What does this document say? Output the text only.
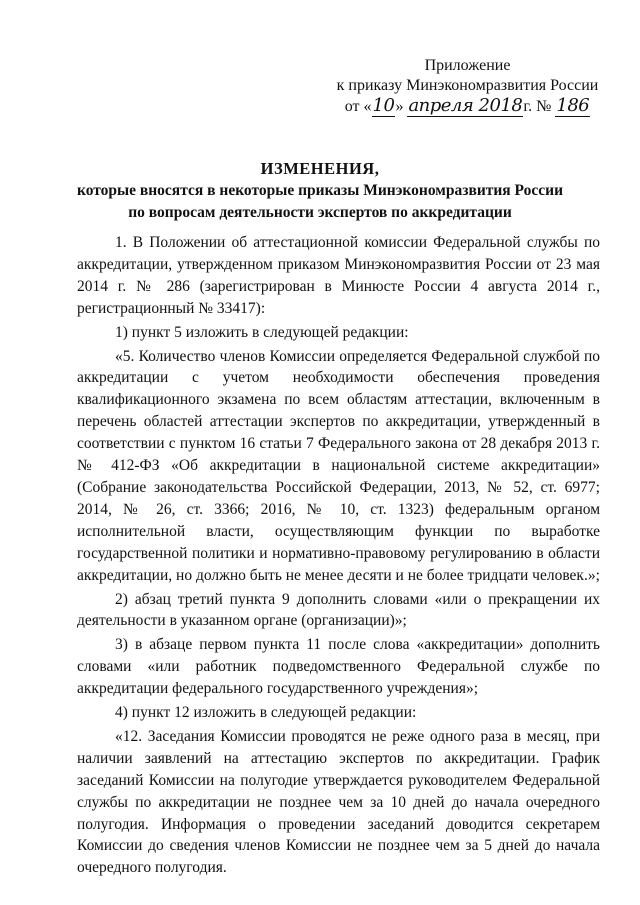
Приложение
к приказу Минэкономразвития России
от «10» апреля 2018г. № 186
ИЗМЕНЕНИЯ,
которые вносятся в некоторые приказы Минэкономразвития России
по вопросам деятельности экспертов по аккредитации

1. В Положении об аттестационной комиссии Федеральной службы по аккредитации, утвержденном приказом Минэкономразвития России от 23 мая 2014 г. № 286 (зарегистрирован в Минюсте России 4 августа 2014 г., регистрационный № 33417):

1) пункт 5 изложить в следующей редакции:

«5. Количество членов Комиссии определяется Федеральной службой по аккредитации с учетом необходимости обеспечения проведения квалификационного экзамена по всем областям аттестации, включенным в перечень областей аттестации экспертов по аккредитации, утвержденный в соответствии с пунктом 16 статьи 7 Федерального закона от 28 декабря 2013 г. № 412-ФЗ «Об аккредитации в национальной системе аккредитации» (Собрание законодательства Российской Федерации, 2013, № 52, ст. 6977; 2014, № 26, ст. 3366; 2016, № 10, ст. 1323) федеральным органом исполнительной власти, осуществляющим функции по выработке государственной политики и нормативно-правовому регулированию в области аккредитации, но должно быть не менее десяти и не более тридцати человек.»;

2) абзац третий пункта 9 дополнить словами «или о прекращении их деятельности в указанном органе (организации)»;

3) в абзаце первом пункта 11 после слова «аккредитации» дополнить словами «или работник подведомственного Федеральной службе по аккредитации федерального государственного учреждения»;

4) пункт 12 изложить в следующей редакции:

«12. Заседания Комиссии проводятся не реже одного раза в месяц, при наличии заявлений на аттестацию экспертов по аккредитации. График заседаний Комиссии на полугодие утверждается руководителем Федеральной службы по аккредитации не позднее чем за 10 дней до начала очередного полугодия. Информация о проведении заседаний доводится секретарем Комиссии до сведения членов Комиссии не позднее чем за 5 дней до начала очередного полугодия.
